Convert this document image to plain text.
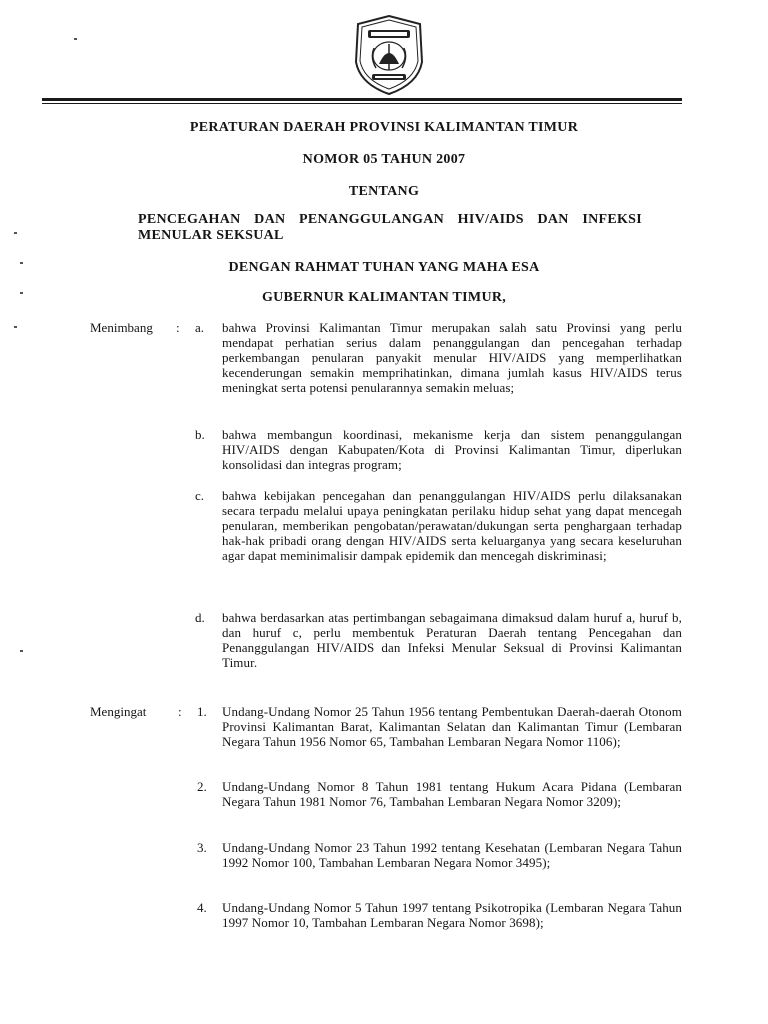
PERATURAN DAERAH PROVINSI KALIMANTAN TIMUR
NOMOR 05 TAHUN 2007
TENTANG
PENCEGAHAN DAN PENANGGULANGAN HIV/AIDS DAN INFEKSI MENULAR SEKSUAL
DENGAN RAHMAT TUHAN YANG MAHA ESA
GUBERNUR KALIMANTAN TIMUR,
Menimbang : a. bahwa Provinsi Kalimantan Timur merupakan salah satu Provinsi yang perlu mendapat perhatian serius dalam penanggulangan dan pencegahan terhadap perkembangan penularan panyakit menular HIV/AIDS yang memperlihatkan kecenderungan semakin memprihatinkan, dimana jumlah kasus HIV/AIDS terus meningkat serta potensi penularannya semakin meluas;
b. bahwa membangun koordinasi, mekanisme kerja dan sistem penanggulangan HIV/AIDS dengan Kabupaten/Kota di Provinsi Kalimantan Timur, diperlukan konsolidasi dan integras program;
c. bahwa kebijakan pencegahan dan penanggulangan HIV/AIDS perlu dilaksanakan secara terpadu melalui upaya peningkatan perilaku hidup sehat yang dapat mencegah penularan, memberikan pengobatan/perawatan/dukungan serta penghargaan terhadap hak-hak pribadi orang dengan HIV/AIDS serta keluarganya yang secara keseluruhan agar dapat meminimalisir dampak epidemik dan mencegah diskriminasi;
d. bahwa berdasarkan atas pertimbangan sebagaimana dimaksud dalam huruf a, huruf b, dan huruf c, perlu membentuk Peraturan Daerah tentang Pencegahan dan Penanggulangan HIV/AIDS dan Infeksi Menular Seksual di Provinsi Kalimantan Timur.
Mengingat : 1. Undang-Undang Nomor 25 Tahun 1956 tentang Pembentukan Daerah-daerah Otonom Provinsi Kalimantan Barat, Kalimantan Selatan dan Kalimantan Timur (Lembaran Negara Tahun 1956 Nomor 65, Tambahan Lembaran Negara Nomor 1106);
2. Undang-Undang Nomor 8 Tahun 1981 tentang Hukum Acara Pidana (Lembaran Negara Tahun 1981 Nomor 76, Tambahan Lembaran Negara Nomor 3209);
3. Undang-Undang Nomor 23 Tahun 1992 tentang Kesehatan (Lembaran Negara Tahun 1992 Nomor 100, Tambahan Lembaran Negara Nomor 3495);
4. Undang-Undang Nomor 5 Tahun 1997 tentang Psikotropika (Lembaran Negara Tahun 1997 Nomor 10, Tambahan Lembaran Negara Nomor 3698);
